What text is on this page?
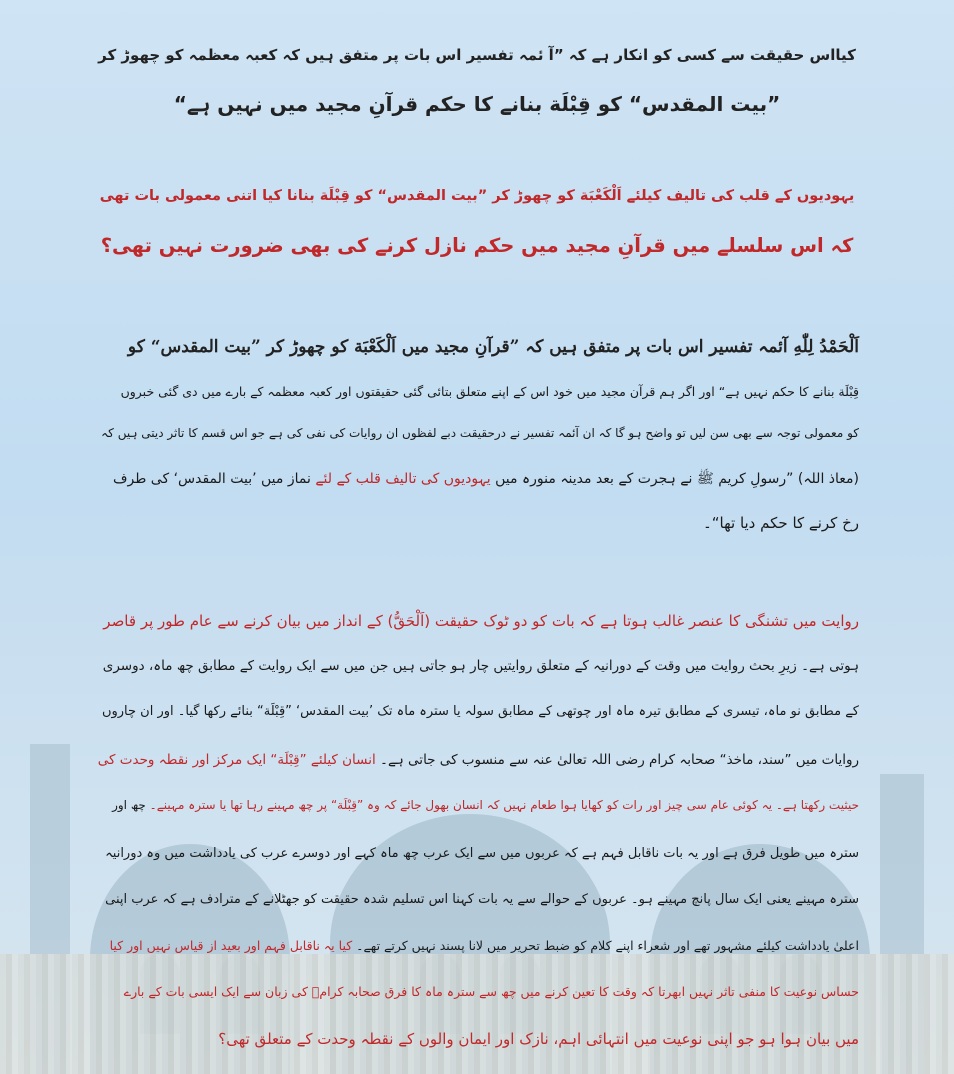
کیااس حقیقت سے کسی کو انکار ہے کہ ”آ ئمہ تفسیر اس بات پر متفق ہیں کہ کعبہ معظمہ کو چھوڑ کر
”بیت المقدس“ کو قِبْلَة بنانے کا حکم قرآنِ مجید میں نہیں ہے“
یہودیوں کے قلب کی تالیف کیلئے اَلْکَعْبَة کو چھوڑ کر ”بیت المقدس“ کو قِبْلَة بنانا کیا اتنی معمولی بات تھی
کہ اس سلسلے میں قرآنِ مجید میں حکم نازل کرنے کی بھی ضرورت نہیں تھی؟
اَلْحَمْدُ لِلّٰهِ آئمہ تفسیر اس بات پر متفق ہیں کہ ”قرآنِ مجید میں اَلْکَعْبَة کو چھوڑ کر ”بیت المقدس“ کو
قِبْلَة بنانے کا حکم نہیں ہے“ اور اگر ہم قرآن مجید میں خود اس کے اپنے متعلق بتائی گئی حقیقتوں اور کعبہ معظمہ کے بارے میں دی گئی خبروں
کو معمولی توجہ سے بھی سن لیں تو واضح ہو گا کہ ان آئمہ تفسیر نے درحقیقت دبے لفظوں ان روایات کی نفی کی ہے جو اس قسم کا تاثر دیتی ہیں کہ
(معاذ اللہ) ”رسولِ کریم ﷺ نے ہجرت کے بعد مدینہ منورہ میں یہودیوں کی تالیف قلب کے لئے نماز میں ’بیت المقدس‘ کی طرف
رخ کرنے کا حکم دیا تھا“۔
روایت میں تشنگی کا عنصر غالب ہوتا ہے کہ بات کو دو ٹوک حقیقت (اَلْحَقُّ) کے انداز میں بیان کرنے سے عام طور پر قاصر
ہوتی ہے۔ زیرِ بحث روایت میں وقت کے دورانیہ کے متعلق روایتیں چار ہو جاتی ہیں جن میں سے ایک روایت کے مطابق چھ ماہ، دوسری
کے مطابق نو ماہ، تیسری کے مطابق تیرہ ماہ اور چوتھی کے مطابق سولہ یا سترہ ماہ تک ’بیت المقدس‘ ”قِبْلَة“ بنائے رکھا گیا۔ اور ان چاروں
روایات میں ”سند، ماخذ“ صحابہ کرام رضی اللہ تعالیٰ عنہ سے منسوب کی جاتی ہے۔ انسان کیلئے ”قِبْلَة“ ایک مرکز اور نقطہ وحدت کی
حیثیت رکھتا ہے۔ یہ کوئی عام سی چیز اور رات کو کھایا ہوا طعام نہیں کہ انسان بھول جائے کہ وہ ”قِبْلَة“ پر چھ مہینے رہا تھا یا سترہ مہینے۔ چھ اور
سترہ میں طویل فرق ہے اور یہ بات ناقابل فہم ہے کہ عربوں میں سے ایک عرب چھ ماہ کہے اور دوسرے عرب کی یادداشت میں وہ دورانیہ
سترہ مہینے یعنی ایک سال پانچ مہینے ہو۔ عربوں کے حوالے سے یہ بات کہنا اس تسلیم شدہ حقیقت کو جھٹلانے کے مترادف ہے کہ عرب اپنی
اعلیٰ یادداشت کیلئے مشہور تھے اور شعراء اپنے کلام کو ضبط تحریر میں لانا پسند نہیں کرتے تھے۔ کیا یہ ناقابل فہم اور بعید از قیاس نہیں اور کیا
حساس نوعیت کا منفی تاثر نہیں ابھرتا کہ وقت کا تعین کرنے میں چھ سے سترہ ماہ کا فرق صحابہ کرامؓ کی زبان سے ایک ایسی بات کے بارے
میں بیان ہوا ہو جو اپنی نوعیت میں انتہائی اہم، نازک اور ایمان والوں کے نقطہ وحدت کے متعلق تھی؟
